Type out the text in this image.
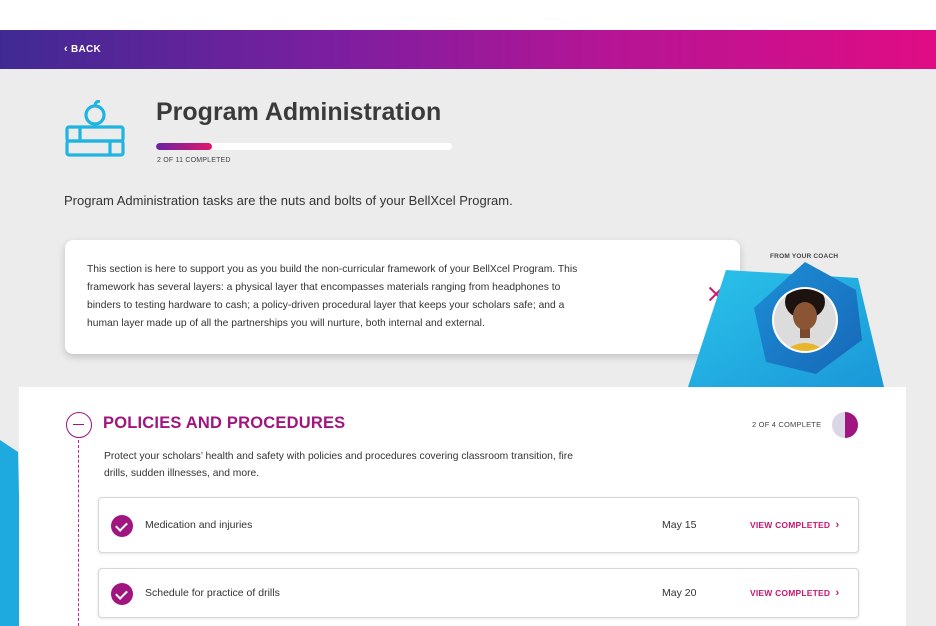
‹ BACK
Program Administration
2 OF 11 COMPLETED
Program Administration tasks are the nuts and bolts of your BellXcel Program.
This section is here to support you as you build the non-curricular framework of your BellXcel Program. This
framework has several layers: a physical layer that encompasses materials ranging from headphones to
binders to testing hardware to cash; a policy-driven procedural layer that keeps your scholars safe; and a
human layer made up of all the partnerships you will nurture, both internal and external.
FROM YOUR COACH
POLICIES AND PROCEDURES	2 OF 4 COMPLETE
Protect your scholars’ health and safety with policies and procedures covering classroom transition, fire
drills, sudden illnesses, and more.
Medication and injuries	May 15	VIEW COMPLETED ›
Schedule for practice of drills	May 20	VIEW COMPLETED ›
